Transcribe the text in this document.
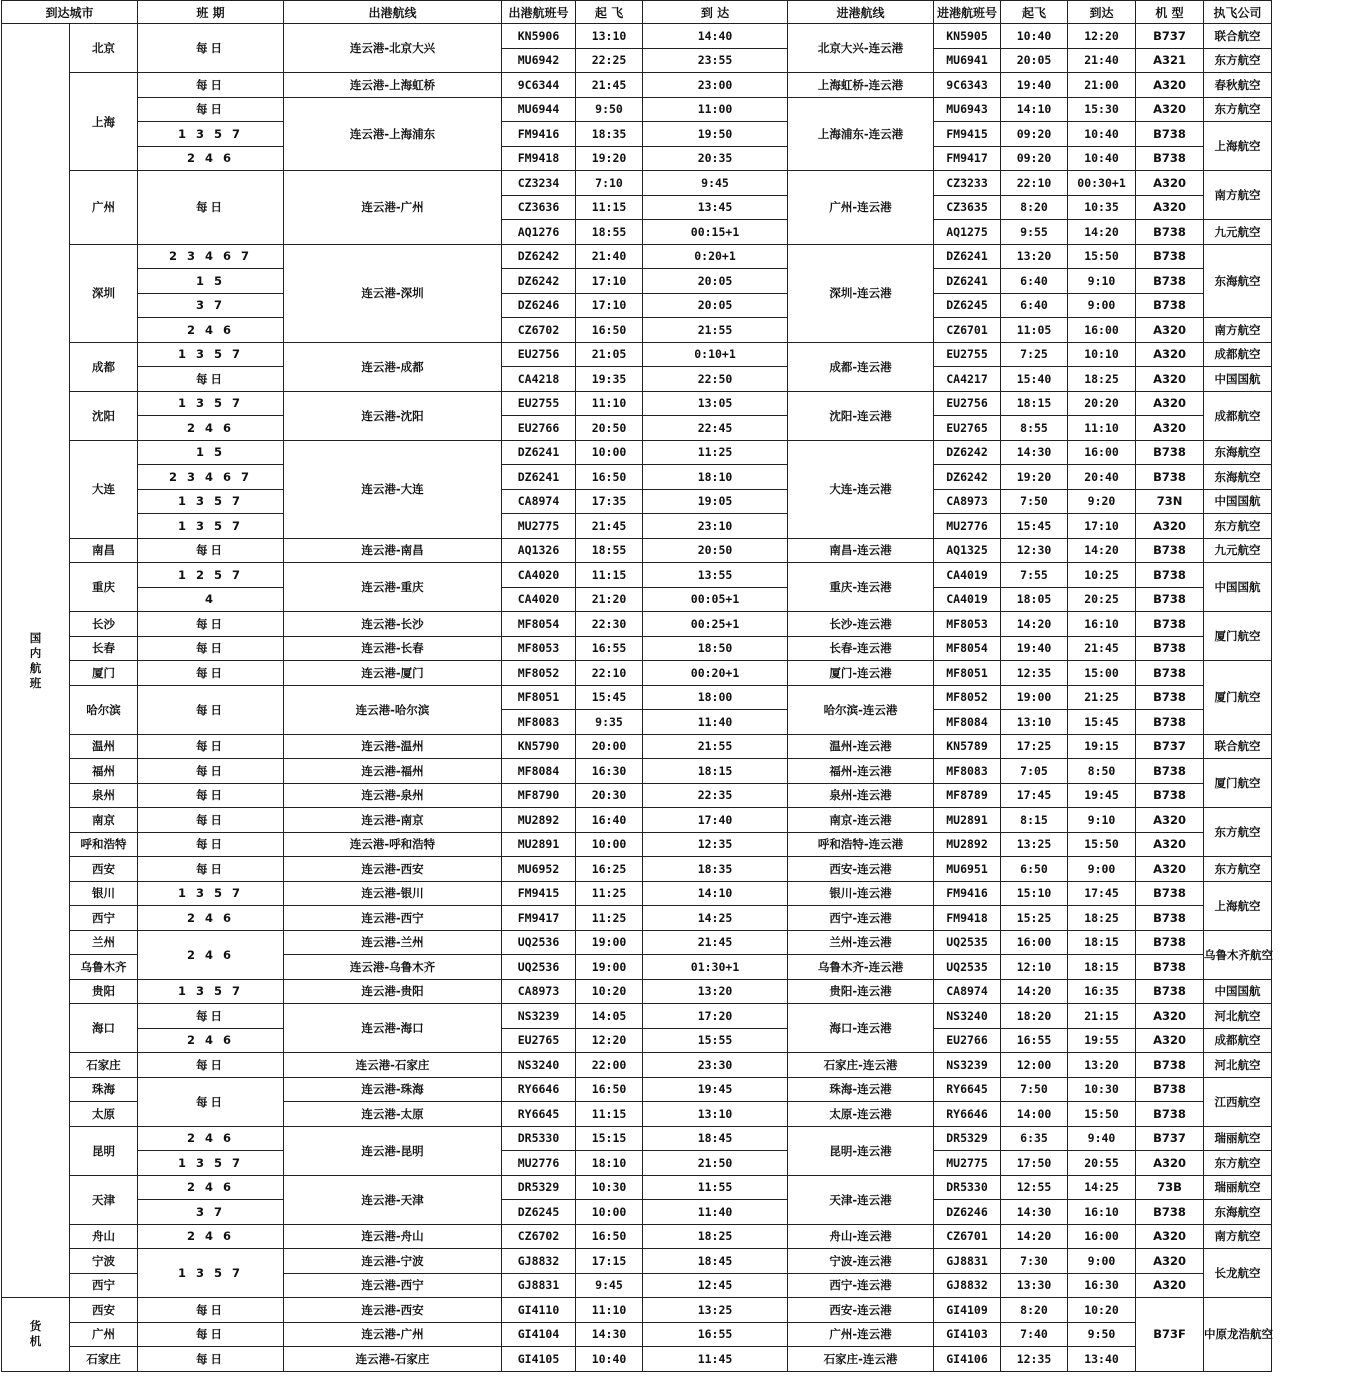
到达城市		班 期	出港航线	出港航班号	起 飞	到 达	进港航线	进港航班号	起飞	到达	机 型	执飞公司

国
内
航
班	北京	每日	连云港-北京大兴	KN5906	13:10	14:40	北京大兴-连云港	KN5905	10:40	12:20	B737	联合航空
				MU6942	22:25	23:55		MU6941	20:05	21:40	A321	东方航空
	上海	每日	连云港-上海虹桥	9C6344	21:45	23:00	上海虹桥-连云港	9C6343	19:40	21:00	A320	春秋航空
		每日	连云港-上海浦东	MU6944	9:50	11:00	上海浦东-连云港	MU6943	14:10	15:30	A320	东方航空
		1 3 5 7		FM9416	18:35	19:50		FM9415	09:20	10:40	B738	上海航空
		2 4 6		FM9418	19:20	20:35		FM9417	09:20	10:40	B738	
	广州	每日	连云港-广州	CZ3234	7:10	9:45	广州-连云港	CZ3233	22:10	00:30+1	A320	南方航空
				CZ3636	11:15	13:45		CZ3635	8:20	10:35	A320	
				AQ1276	18:55	00:15+1		AQ1275	9:55	14:20	B738	九元航空
	深圳	2 3 4 6 7	连云港-深圳	DZ6242	21:40	0:20+1	深圳-连云港	DZ6241	13:20	15:50	B738	东海航空
		1 5		DZ6242	17:10	20:05		DZ6241	6:40	9:10	B738	
		3 7		DZ6246	17:10	20:05		DZ6245	6:40	9:00	B738	
		2 4 6		CZ6702	16:50	21:55		CZ6701	11:05	16:00	A320	南方航空
	成都	1 3 5 7	连云港-成都	EU2756	21:05	0:10+1	成都-连云港	EU2755	7:25	10:10	A320	成都航空
		每日		CA4218	19:35	22:50		CA4217	15:40	18:25	A320	中国国航
	沈阳	1 3 5 7	连云港-沈阳	EU2755	11:10	13:05	沈阳-连云港	EU2756	18:15	20:20	A320	成都航空
		2 4 6		EU2766	20:50	22:45		EU2765	8:55	11:10	A320	
	大连	1 5	连云港-大连	DZ6241	10:00	11:25	大连-连云港	DZ6242	14:30	16:00	B738	东海航空
		2 3 4 6 7		DZ6241	16:50	18:10		DZ6242	19:20	20:40	B738	东海航空
		1 3 5 7		CA8974	17:35	19:05		CA8973	7:50	9:20	73N	中国国航
		1 3 5 7		MU2775	21:45	23:10		MU2776	15:45	17:10	A320	东方航空
	南昌	每日	连云港-南昌	AQ1326	18:55	20:50	南昌-连云港	AQ1325	12:30	14:20	B738	九元航空
	重庆	1 2 5 7	连云港-重庆	CA4020	11:15	13:55	重庆-连云港	CA4019	7:55	10:25	B738	中国国航
		4		CA4020	21:20	00:05+1		CA4019	18:05	20:25	B738	
	长沙	每日	连云港-长沙	MF8054	22:30	00:25+1	长沙-连云港	MF8053	14:20	16:10	B738	厦门航空
	长春	每日	连云港-长春	MF8053	16:55	18:50	长春-连云港	MF8054	19:40	21:45	B738	
	厦门	每日	连云港-厦门	MF8052	22:10	00:20+1	厦门-连云港	MF8051	12:35	15:00	B738	厦门航空
	哈尔滨	每日	连云港-哈尔滨	MF8051	15:45	18:00	哈尔滨-连云港	MF8052	19:00	21:25	B738	
				MF8083	9:35	11:40		MF8084	13:10	15:45	B738	
	温州	每日	连云港-温州	KN5790	20:00	21:55	温州-连云港	KN5789	17:25	19:15	B737	联合航空
	福州	每日	连云港-福州	MF8084	16:30	18:15	福州-连云港	MF8083	7:05	8:50	B738	厦门航空
	泉州	每日	连云港-泉州	MF8790	20:30	22:35	泉州-连云港	MF8789	17:45	19:45	B738	
	南京	每日	连云港-南京	MU2892	16:40	17:40	南京-连云港	MU2891	8:15	9:10	A320	东方航空
	呼和浩特	每日	连云港-呼和浩特	MU2891	10:00	12:35	呼和浩特-连云港	MU2892	13:25	15:50	A320	
	西安	每日	连云港-西安	MU6952	16:25	18:35	西安-连云港	MU6951	6:50	9:00	A320	东方航空
	银川	1 3 5 7	连云港-银川	FM9415	11:25	14:10	银川-连云港	FM9416	15:10	17:45	B738	上海航空
	西宁	2 4 6	连云港-西宁	FM9417	11:25	14:25	西宁-连云港	FM9418	15:25	18:25	B738	
	兰州	2 4 6	连云港-兰州	UQ2536	19:00	21:45	兰州-连云港	UQ2535	16:00	18:15	B738	乌鲁木齐航空
	乌鲁木齐		连云港-乌鲁木齐	UQ2536	19:00	01:30+1	乌鲁木齐-连云港	UQ2535	12:10	18:15	B738	
	贵阳	1 3 5 7	连云港-贵阳	CA8973	10:20	13:20	贵阳-连云港	CA8974	14:20	16:35	B738	中国国航
	海口	每日	连云港-海口	NS3239	14:05	17:20	海口-连云港	NS3240	18:20	21:15	A320	河北航空
		2 4 6		EU2765	12:20	15:55		EU2766	16:55	19:55	A320	成都航空
	石家庄	每日	连云港-石家庄	NS3240	22:00	23:30	石家庄-连云港	NS3239	12:00	13:20	B738	河北航空
	珠海	每日	连云港-珠海	RY6646	16:50	19:45	珠海-连云港	RY6645	7:50	10:30	B738	江西航空
	太原		连云港-太原	RY6645	11:15	13:10	太原-连云港	RY6646	14:00	15:50	B738	
	昆明	2 4 6	连云港-昆明	DR5330	15:15	18:45	昆明-连云港	DR5329	6:35	9:40	B737	瑞丽航空
		1 3 5 7		MU2776	18:10	21:50		MU2775	17:50	20:55	A320	东方航空
	天津	2 4 6	连云港-天津	DR5329	10:30	11:55	天津-连云港	DR5330	12:55	14:25	73B	瑞丽航空
		3 7		DZ6245	10:00	11:40		DZ6246	14:30	16:10	B738	东海航空
	舟山	2 4 6	连云港-舟山	CZ6702	16:50	18:25	舟山-连云港	CZ6701	14:20	16:00	A320	南方航空
	宁波	1 3 5 7	连云港-宁波	GJ8832	17:15	18:45	宁波-连云港	GJ8831	7:30	9:00	A320	长龙航空
	西宁		连云港-西宁	GJ8831	9:45	12:45	西宁-连云港	GJ8832	13:30	16:30	A320	

货
机	西安	每日	连云港-西安	GI4110	11:10	13:25	西安-连云港	GI4109	8:20	10:20	B73F	中原龙浩航空
	广州	每日	连云港-广州	GI4104	14:30	16:55	广州-连云港	GI4103	7:40	9:50		
	石家庄	每日	连云港-石家庄	GI4105	10:40	11:45	石家庄-连云港	GI4106	12:35	13:40		
